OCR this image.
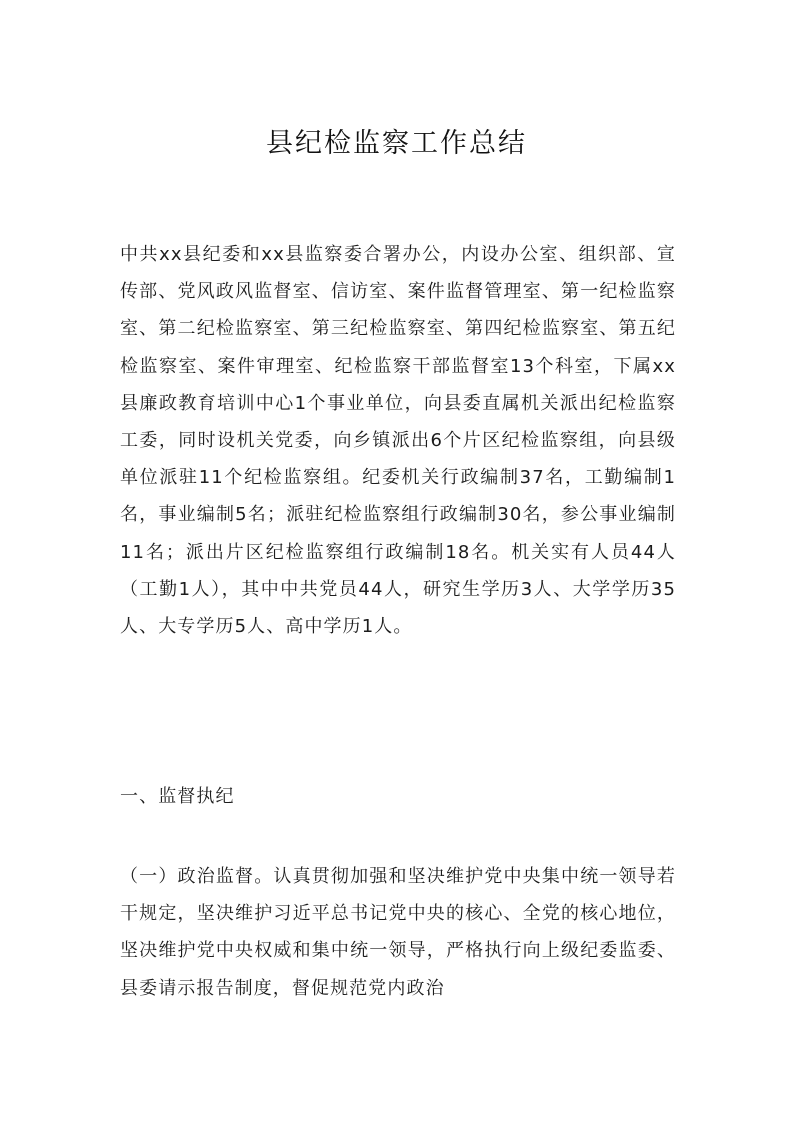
县纪检监察工作总结

中共xx县纪委和xx县监察委合署办公，内设办公室、组织部、宣传部、党风政风监督室、信访室、案件监督管理室、第一纪检监察室、第二纪检监察室、第三纪检监察室、第四纪检监察室、第五纪检监察室、案件审理室、纪检监察干部监督室13个科室，下属xx县廉政教育培训中心1个事业单位，向县委直属机关派出纪检监察工委，同时设机关党委，向乡镇派出6个片区纪检监察组，向县级单位派驻11个纪检监察组。纪委机关行政编制37名，工勤编制1名，事业编制5名；派驻纪检监察组行政编制30名，参公事业编制11名；派出片区纪检监察组行政编制18名。机关实有人员44人（工勤1人），其中中共党员44人，研究生学历3人、大学学历35人、大专学历5人、高中学历1人。

一、监督执纪

（一）政治监督。认真贯彻加强和坚决维护党中央集中统一领导若干规定，坚决维护习近平总书记党中央的核心、全党的核心地位，坚决维护党中央权威和集中统一领导，严格执行向上级纪委监委、县委请示报告制度，督促规范党内政治
